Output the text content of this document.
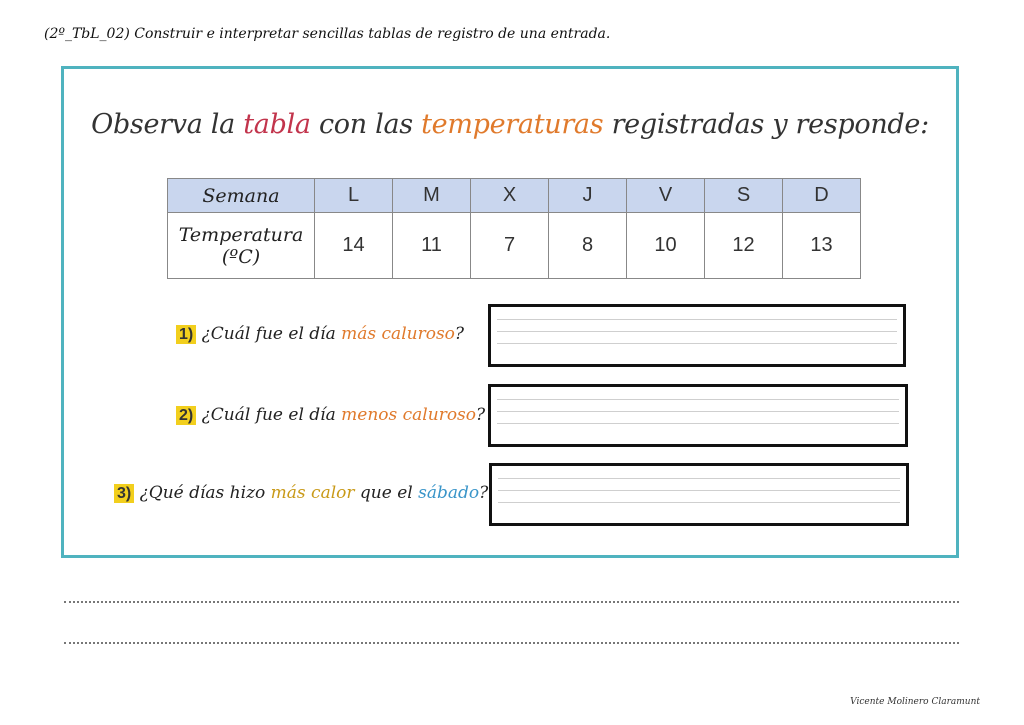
(2º_TbL_02) Construir e interpretar sencillas tablas de registro de una entrada.
Observa la tabla con las temperaturas registradas y responde:
Semana	L	M	X	J	V	S	D
Temperatura
(ºC)	14	11	7	8	10	12	13
1) ¿Cuál fue el día más caluroso?
2) ¿Cuál fue el día menos caluroso?
3) ¿Qué días hizo más calor que el sábado?
Vicente Molinero Claramunt
